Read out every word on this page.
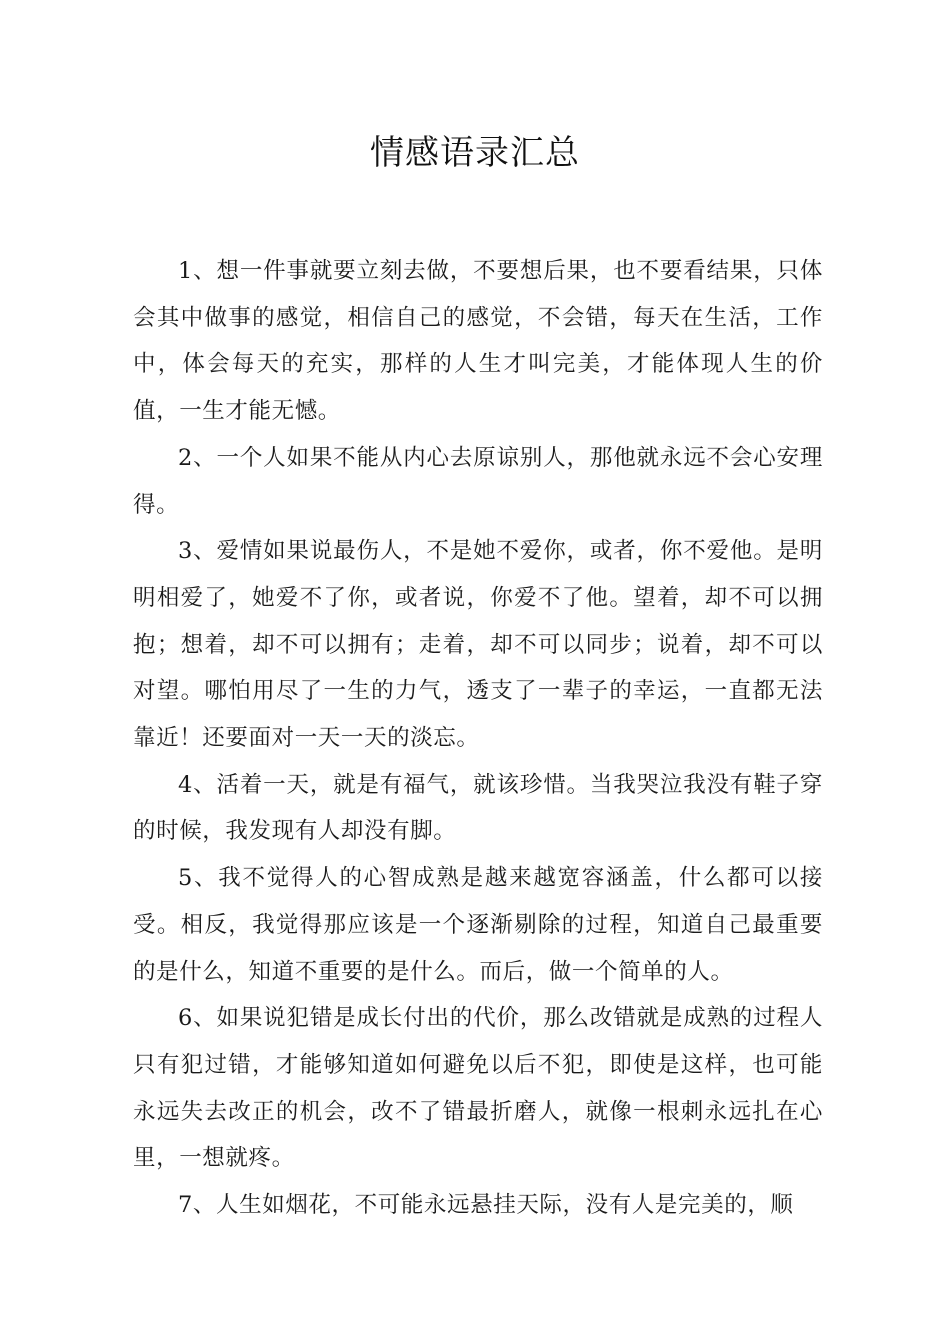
情感语录汇总

1、想一件事就要立刻去做，不要想后果，也不要看结果，只体会其中做事的感觉，相信自己的感觉，不会错，每天在生活，工作中，体会每天的充实，那样的人生才叫完美，才能体现人生的价值，一生才能无憾。

2、一个人如果不能从内心去原谅别人，那他就永远不会心安理得。

3、爱情如果说最伤人，不是她不爱你，或者，你不爱他。是明明相爱了，她爱不了你，或者说，你爱不了他。望着，却不可以拥抱；想着，却不可以拥有；走着，却不可以同步；说着，却不可以对望。哪怕用尽了一生的力气，透支了一辈子的幸运，一直都无法靠近！还要面对一天一天的淡忘。

4、活着一天，就是有福气，就该珍惜。当我哭泣我没有鞋子穿的时候，我发现有人却没有脚。

5、我不觉得人的心智成熟是越来越宽容涵盖，什么都可以接受。相反，我觉得那应该是一个逐渐剔除的过程，知道自己最重要的是什么，知道不重要的是什么。而后，做一个简单的人。

6、如果说犯错是成长付出的代价，那么改错就是成熟的过程人只有犯过错，才能够知道如何避免以后不犯，即使是这样，也可能永远失去改正的机会，改不了错最折磨人，就像一根刺永远扎在心里，一想就疼。

7、人生如烟花，不可能永远悬挂天际，没有人是完美的，顺
